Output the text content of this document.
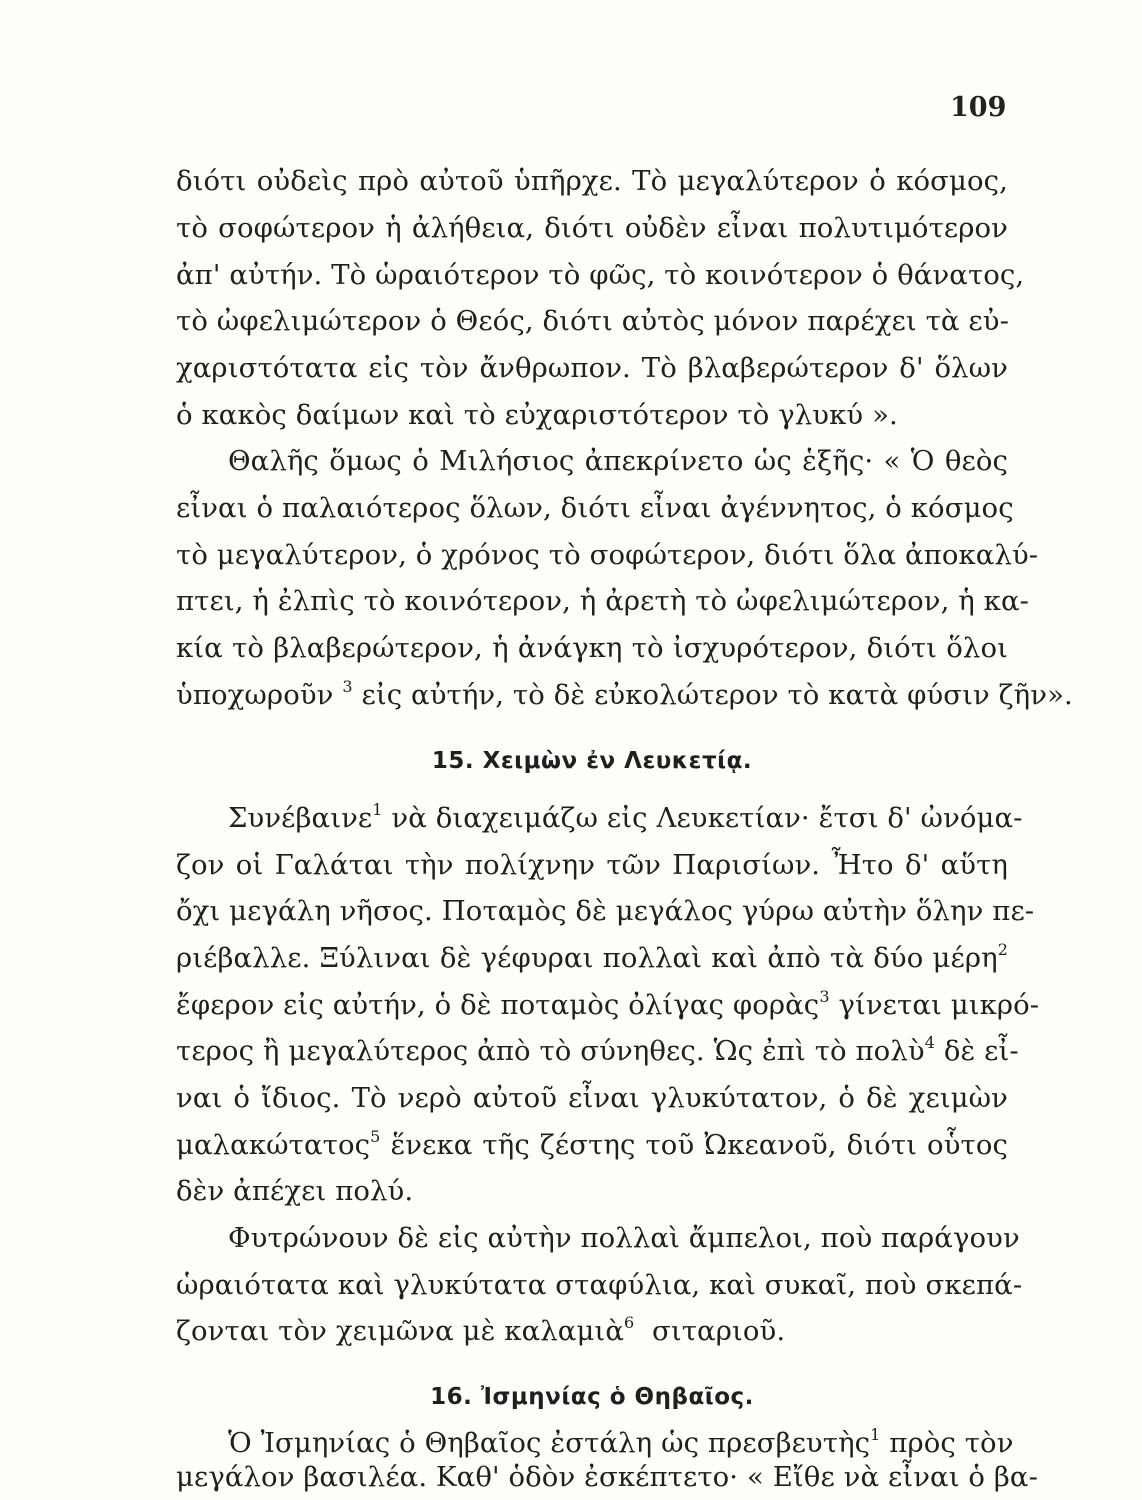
109
διότι οὐδεὶς πρὸ αὐτοῦ ὑπῆρχε. Τὸ μεγαλύτερον ὁ κόσμος,
τὸ σοφώτερον ἡ ἀλήθεια, διότι οὐδὲν εἶναι πολυτιμότερον
ἀπ' αὐτήν. Τὸ ὡραιότερον τὸ φῶς, τὸ κοινότερον ὁ θάνατος,
τὸ ὠφελιμώτερον ὁ Θεός, διότι αὐτὸς μόνον παρέχει τὰ εὐ-
χαριστότατα εἰς τὸν ἄνθρωπον. Τὸ βλαβερώτερον δ' ὅλων
ὁ κακὸς δαίμων καὶ τὸ εὐχαριστότερον τὸ γλυκύ ».
Θαλῆς ὅμως ὁ Μιλήσιος ἀπεκρίνετο ὡς ἑξῆς· « Ὁ θεὸς
εἶναι ὁ παλαιότερος ὅλων, διότι εἶναι ἀγέννητος, ὁ κόσμος
τὸ μεγαλύτερον, ὁ χρόνος τὸ σοφώτερον, διότι ὅλα ἀποκαλύ-
πτει, ἡ ἐλπὶς τὸ κοινότερον, ἡ ἀρετὴ τὸ ὠφελιμώτερον, ἡ κα-
κία τὸ βλαβερώτερον, ἡ ἀνάγκη τὸ ἰσχυρότερον, διότι ὅλοι
ὑποχωροῦν $^3$ εἰς αὐτήν, τὸ δὲ εὐκολώτερον τὸ κατὰ φύσιν ζῆν».
15. Χειμὼν ἐν Λευκετίᾳ.
Συνέβαινε$^1$ νὰ διαχειμάζω εἰς Λευκετίαν· ἔτσι δ' ὠνόμα-
ζον οἱ Γαλάται τὴν πολίχνην τῶν Παρισίων. Ἦτο δ' αὕτη
ὄχι μεγάλη νῆσος. Ποταμὸς δὲ μεγάλος γύρω αὐτὴν ὅλην πε-
ριέβαλλε. Ξύλιναι δὲ γέφυραι πολλαὶ καὶ ἀπὸ τὰ δύο μέρη$^2$
ἔφερον εἰς αὐτήν, ὁ δὲ ποταμὸς ὀλίγας φορὰς$^3$ γίνεται μικρό-
τερος ἢ μεγαλύτερος ἀπὸ τὸ σύνηθες. Ὡς ἐπὶ τὸ πολὺ$^4$ δὲ εἶ-
ναι ὁ ἴδιος. Τὸ νερὸ αὐτοῦ εἶναι γλυκύτατον, ὁ δὲ χειμὼν
μαλακώτατος$^5$ ἕνεκα τῆς ζέστης τοῦ Ὠκεανοῦ, διότι οὗτος
δὲν ἀπέχει πολύ.
Φυτρώνουν δὲ εἰς αὐτὴν πολλαὶ ἄμπελοι, ποὺ παράγουν
ὡραιότατα καὶ γλυκύτατα σταφύλια, καὶ συκαῖ, ποὺ σκεπά-
ζονται τὸν χειμῶνα μὲ καλαμιὰ$^6$ σιταριοῦ.
16. Ἰσμηνίας ὁ Θηβαῖος.
Ὁ Ἰσμηνίας ὁ Θηβαῖος ἐστάλη ὡς πρεσβευτὴς$^1$ πρὸς τὸν
μεγάλον βασιλέα. Καθ' ὁδὸν ἐσκέπτετο· « Εἴθε νὰ εἶναι ὁ βα-
